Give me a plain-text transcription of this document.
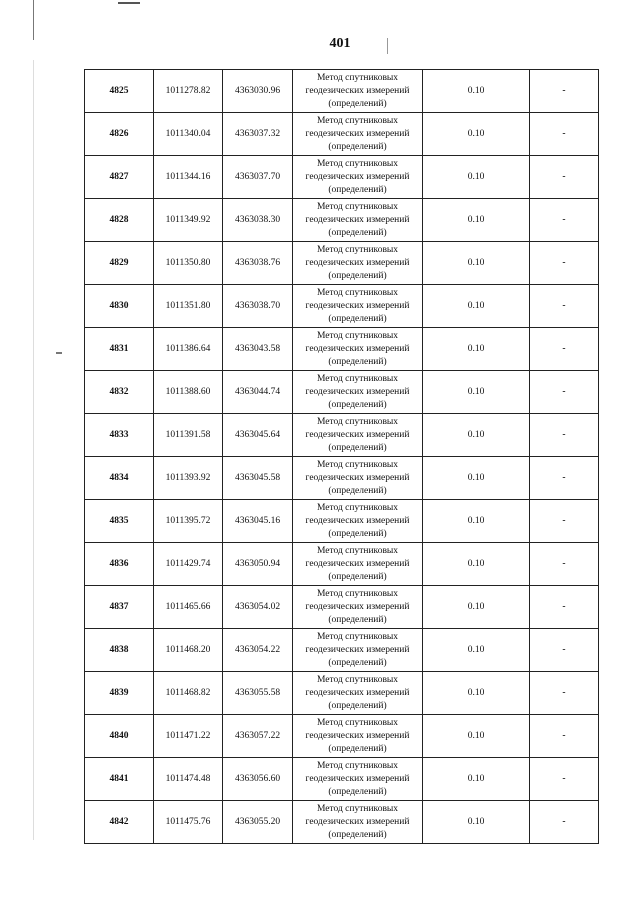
401
4825	1011278.82	4363030.96	Метод спутниковых
геодезических измерений
(определений)	0.10	-
4826	1011340.04	4363037.32	Метод спутниковых
геодезических измерений
(определений)	0.10	-
4827	1011344.16	4363037.70	Метод спутниковых
геодезических измерений
(определений)	0.10	-
4828	1011349.92	4363038.30	Метод спутниковых
геодезических измерений
(определений)	0.10	-
4829	1011350.80	4363038.76	Метод спутниковых
геодезических измерений
(определений)	0.10	-
4830	1011351.80	4363038.70	Метод спутниковых
геодезических измерений
(определений)	0.10	-
4831	1011386.64	4363043.58	Метод спутниковых
геодезических измерений
(определений)	0.10	-
4832	1011388.60	4363044.74	Метод спутниковых
геодезических измерений
(определений)	0.10	-
4833	1011391.58	4363045.64	Метод спутниковых
геодезических измерений
(определений)	0.10	-
4834	1011393.92	4363045.58	Метод спутниковых
геодезических измерений
(определений)	0.10	-
4835	1011395.72	4363045.16	Метод спутниковых
геодезических измерений
(определений)	0.10	-
4836	1011429.74	4363050.94	Метод спутниковых
геодезических измерений
(определений)	0.10	-
4837	1011465.66	4363054.02	Метод спутниковых
геодезических измерений
(определений)	0.10	-
4838	1011468.20	4363054.22	Метод спутниковых
геодезических измерений
(определений)	0.10	-
4839	1011468.82	4363055.58	Метод спутниковых
геодезических измерений
(определений)	0.10	-
4840	1011471.22	4363057.22	Метод спутниковых
геодезических измерений
(определений)	0.10	-
4841	1011474.48	4363056.60	Метод спутниковых
геодезических измерений
(определений)	0.10	-
4842	1011475.76	4363055.20	Метод спутниковых
геодезических измерений
(определений)	0.10	-
